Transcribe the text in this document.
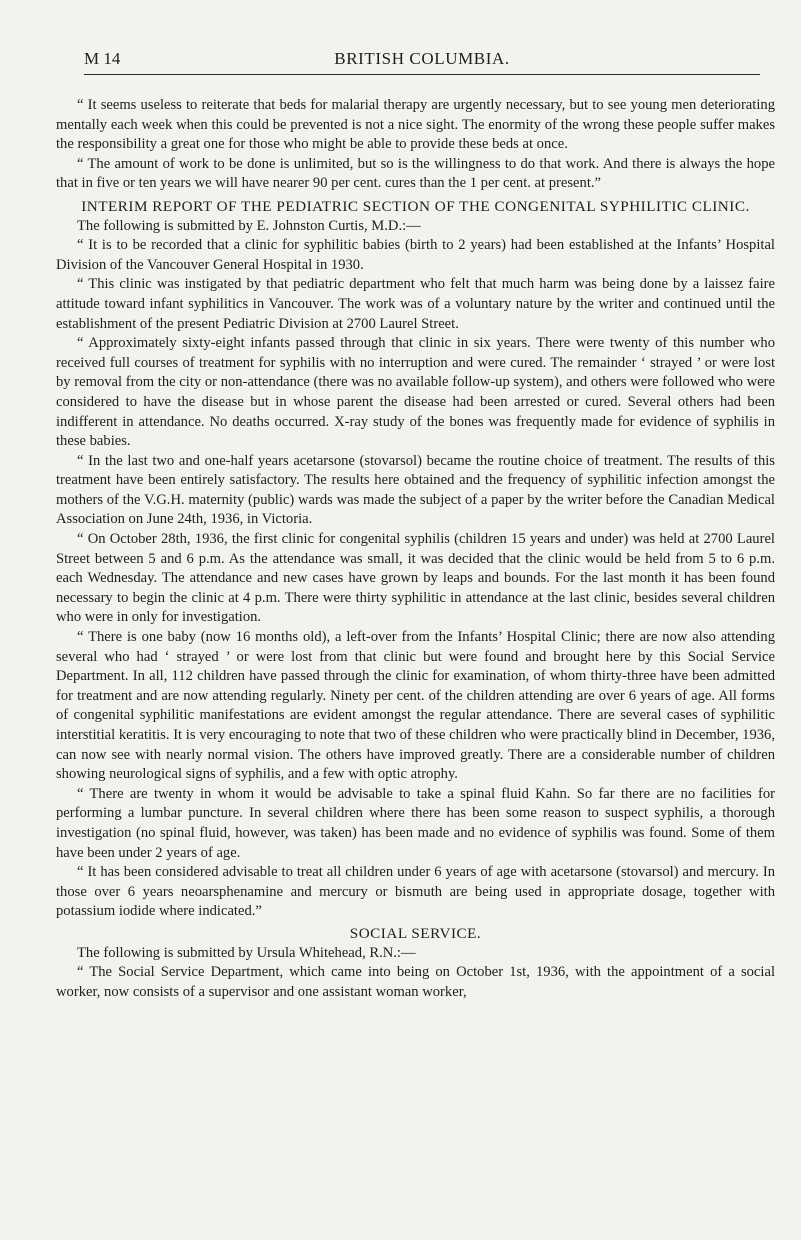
M 14	BRITISH COLUMBIA.

“ It seems useless to reiterate that beds for malarial therapy are urgently necessary, but to see young men deteriorating mentally each week when this could be prevented is not a nice sight. The enormity of the wrong these people suffer makes the responsibility a great one for those who might be able to provide these beds at once.

“ The amount of work to be done is unlimited, but so is the willingness to do that work. And there is always the hope that in five or ten years we will have nearer 90 per cent. cures than the 1 per cent. at present.”

INTERIM REPORT OF THE PEDIATRIC SECTION OF THE CONGENITAL SYPHILITIC CLINIC.

The following is submitted by E. Johnston Curtis, M.D.:—

“ It is to be recorded that a clinic for syphilitic babies (birth to 2 years) had been established at the Infants’ Hospital Division of the Vancouver General Hospital in 1930.

“ This clinic was instigated by that pediatric department who felt that much harm was being done by a laissez faire attitude toward infant syphilitics in Vancouver. The work was of a voluntary nature by the writer and continued until the establishment of the present Pediatric Division at 2700 Laurel Street.

“ Approximately sixty-eight infants passed through that clinic in six years. There were twenty of this number who received full courses of treatment for syphilis with no interruption and were cured. The remainder ‘ strayed ’ or were lost by removal from the city or non-attendance (there was no available follow-up system), and others were followed who were considered to have the disease but in whose parent the disease had been arrested or cured. Several others had been indifferent in attendance. No deaths occurred. X-ray study of the bones was frequently made for evidence of syphilis in these babies.

“ In the last two and one-half years acetarsone (stovarsol) became the routine choice of treatment. The results of this treatment have been entirely satisfactory. The results here obtained and the frequency of syphilitic infection amongst the mothers of the V.G.H. maternity (public) wards was made the subject of a paper by the writer before the Canadian Medical Association on June 24th, 1936, in Victoria.

“ On October 28th, 1936, the first clinic for congenital syphilis (children 15 years and under) was held at 2700 Laurel Street between 5 and 6 p.m. As the attendance was small, it was decided that the clinic would be held from 5 to 6 p.m. each Wednesday. The attendance and new cases have grown by leaps and bounds. For the last month it has been found necessary to begin the clinic at 4 p.m. There were thirty syphilitic in attendance at the last clinic, besides several children who were in only for investigation.

“ There is one baby (now 16 months old), a left-over from the Infants’ Hospital Clinic; there are now also attending several who had ‘ strayed ’ or were lost from that clinic but were found and brought here by this Social Service Department. In all, 112 children have passed through the clinic for examination, of whom thirty-three have been admitted for treatment and are now attending regularly. Ninety per cent. of the children attending are over 6 years of age. All forms of congenital syphilitic manifestations are evident amongst the regular attendance. There are several cases of syphilitic interstitial keratitis. It is very encouraging to note that two of these children who were practically blind in December, 1936, can now see with nearly normal vision. The others have improved greatly. There are a considerable number of children showing neurological signs of syphilis, and a few with optic atrophy.

“ There are twenty in whom it would be advisable to take a spinal fluid Kahn. So far there are no facilities for performing a lumbar puncture. In several children where there has been some reason to suspect syphilis, a thorough investigation (no spinal fluid, however, was taken) has been made and no evidence of syphilis was found. Some of them have been under 2 years of age.

“ It has been considered advisable to treat all children under 6 years of age with acetarsone (stovarsol) and mercury. In those over 6 years neoarsphenamine and mercury or bismuth are being used in appropriate dosage, together with potassium iodide where indicated.”

SOCIAL SERVICE.

The following is submitted by Ursula Whitehead, R.N.:—

“ The Social Service Department, which came into being on October 1st, 1936, with the appointment of a social worker, now consists of a supervisor and one assistant woman worker,
